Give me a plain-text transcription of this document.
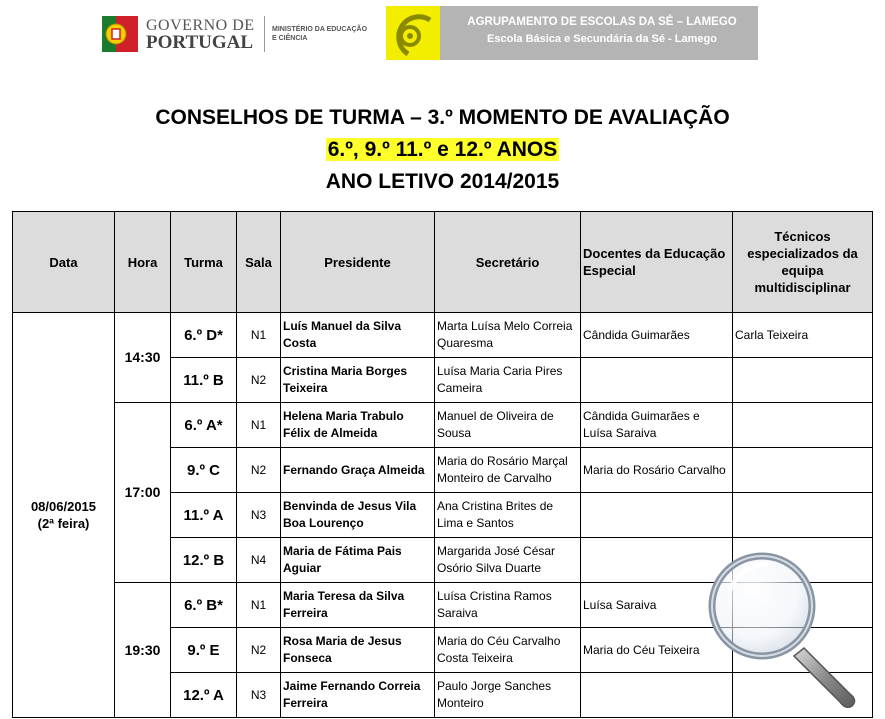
GOVERNO DE
PORTUGAL
MINISTÉRIO DA EDUCAÇÃO
E CIÊNCIA
AGRUPAMENTO DE ESCOLAS DA SÉ – LAMEGO
Escola Básica e Secundária da Sé - Lamego
CONSELHOS DE TURMA – 3.º MOMENTO DE AVALIAÇÃO
6.º, 9.º 11.º e 12.º ANOS
ANO LETIVO 2014/2015
Data	Hora	Turma	Sala	Presidente	Secretário	Docentes da Educação Especial	Técnicos especializados da equipa multidisciplinar

08/06/2015
(2ª feira)	14:30	6.º D*	N1	Luís Manuel da Silva Costa	Marta Luísa Melo Correia Quaresma	Cândida Guimarães	Carla Teixeira
		11.º B	N2	Cristina Maria Borges Teixeira	Luísa Maria Caria Pires Cameira		
	17:00	6.º A*	N1	Helena Maria Trabulo Félix de Almeida	Manuel de Oliveira de Sousa	Cândida Guimarães e Luísa Saraiva	
		9.º C	N2	Fernando Graça Almeida	Maria do Rosário Marçal Monteiro de Carvalho	Maria do Rosário Carvalho	
		11.º A	N3	Benvinda de Jesus Vila Boa Lourenço	Ana Cristina Brites de Lima e Santos		
		12.º B	N4	Maria de Fátima Pais Aguiar	Margarida José César Osório Silva Duarte		
	19:30	6.º B*	N1	Maria Teresa da Silva Ferreira	Luísa Cristina Ramos Saraiva	Luísa Saraiva	
		9.º E	N2	Rosa Maria de Jesus Fonseca	Maria do Céu Carvalho Costa Teixeira	Maria do Céu Teixeira	
		12.º A	N3	Jaime Fernando Correia Ferreira	Paulo Jorge Sanches Monteiro		
